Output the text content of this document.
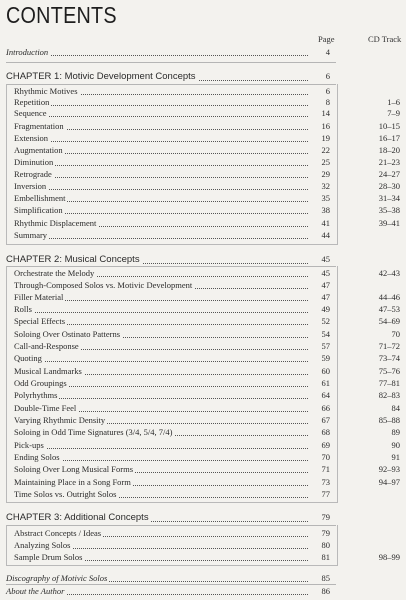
CONTENTS
Page	CD Track
Introduction	4
CHAPTER 1: Motivic Development Concepts	6
Rhythmic Motives	6
Repetition	8	1–6
Sequence	14	7–9
Fragmentation	16	10–15
Extension	19	16–17
Augmentation	22	18–20
Diminution	25	21–23
Retrograde	29	24–27
Inversion	32	28–30
Embellishment	35	31–34
Simplification	38	35–38
Rhythmic Displacement	41	39–41
Summary	44
CHAPTER 2: Musical Concepts	45
Orchestrate the Melody	45	42–43
Through-Composed Solos vs. Motivic Development	47
Filler Material	47	44–46
Rolls	49	47–53
Special Effects	52	54–69
Soloing Over Ostinato Patterns	54	70
Call-and-Response	57	71–72
Quoting	59	73–74
Musical Landmarks	60	75–76
Odd Groupings	61	77–81
Polyrhythms	64	82–83
Double-Time Feel	66	84
Varying Rhythmic Density	67	85–88
Soloing in Odd Time Signatures (3/4, 5/4, 7/4)	68	89
Pick-ups	69	90
Ending Solos	70	91
Soloing Over Long Musical Forms	71	92–93
Maintaining Place in a Song Form	73	94–97
Time Solos vs. Outright Solos	77
CHAPTER 3: Additional Concepts	79
Abstract Concepts / Ideas	79
Analyzing Solos	80
Sample Drum Solos	81	98–99
Discography of Motivic Solos	85
About the Author	86
